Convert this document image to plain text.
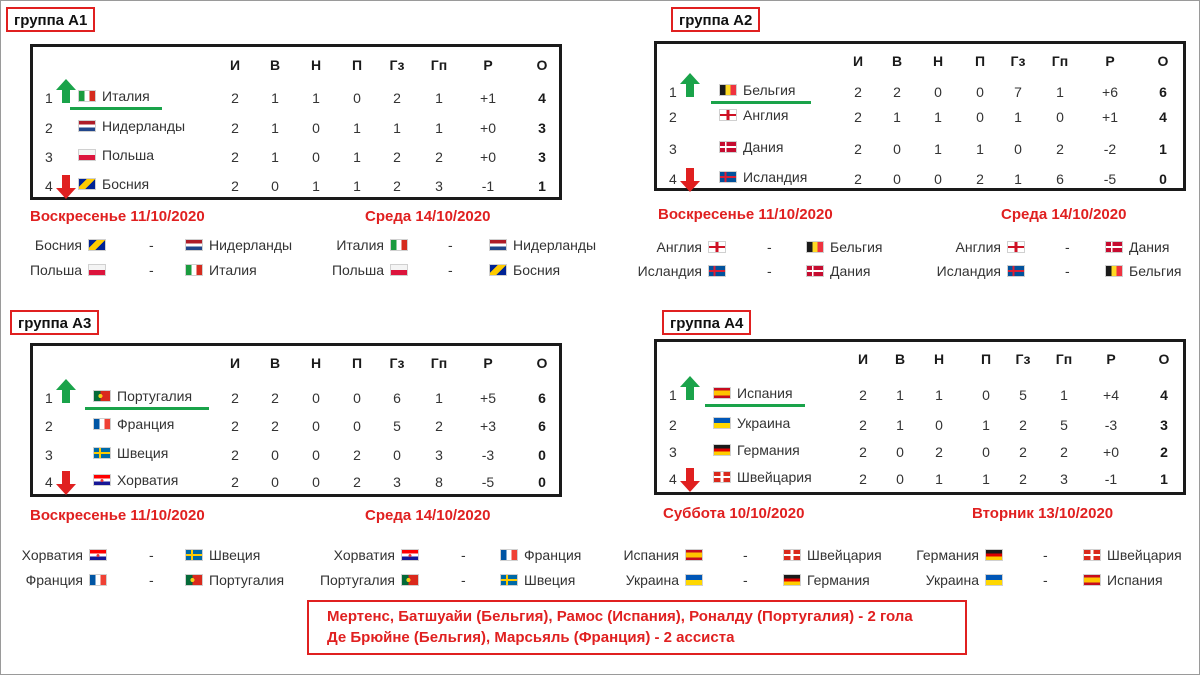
Мертенс, Батшуайи (Бельгия), Рамос (Испания), Роналду (Португалия) - 2 гола
Де Брюйне (Бельгия), Марсьяль (Франция) - 2 ассиста
группа А1
И В Н П Гз Гп	Р	О
1	Италия	2 1 1 0 2 1	+1	4
2	Нидерланды	2 1 0 1 1 1	+0	3
3	Польша	2 1 0 1 2 2	+0	3
4	Босния	2 0 1 1 2 3	-1	1
Воскресенье 11/10/2020
Босния	-	Нидерланды
Польша	-	Италия
Среда 14/10/2020
Италия	-	Нидерланды
Польша	-	Босния
группа А2
И В Н П Гз Гп	Р	О
1	Бельгия	2 2 0 0 7 1	+6	6
2	Англия	2 1 1 0 1 0	+1	4
3	Дания	2 0 1 1 0 2	-2	1
4	Исландия	2 0 0 2 1 6	-5	0
Воскресенье 11/10/2020
Англия	-	Бельгия
Исландия	-	Дания
Среда 14/10/2020
Англия	-	Дания
Исландия	-	Бельгия
группа А3
И В Н П Гз Гп	Р	О
1	Португалия	2 2 0 0 6 1	+5	6
2	Франция	2 2 0 0 5 2	+3	6
3	Швеция	2 0 0 2 0 3	-3	0
4	Хорватия	2 0 0 2 3 8	-5	0
Воскресенье 11/10/2020
Хорватия	-	Швеция
Франция	-	Португалия
Среда 14/10/2020
Хорватия	-	Франция
Португалия	-	Швеция
группа А4
И В Н	П Гз Гп Р	О
1	Испания	2 1 1	0 5 1	+4	4
2	Украина	2 1 0	1 2 5	-3	3
3	Германия	2 0 2	0 2 2	+0	2
4	Швейцария	2 0 1	1 2 3	-1	1
Суббота 10/10/2020
Испания	-	Швейцария
Украина	-	Германия
Вторник 13/10/2020
Германия	-	Швейцария
Украина	-	Испания
